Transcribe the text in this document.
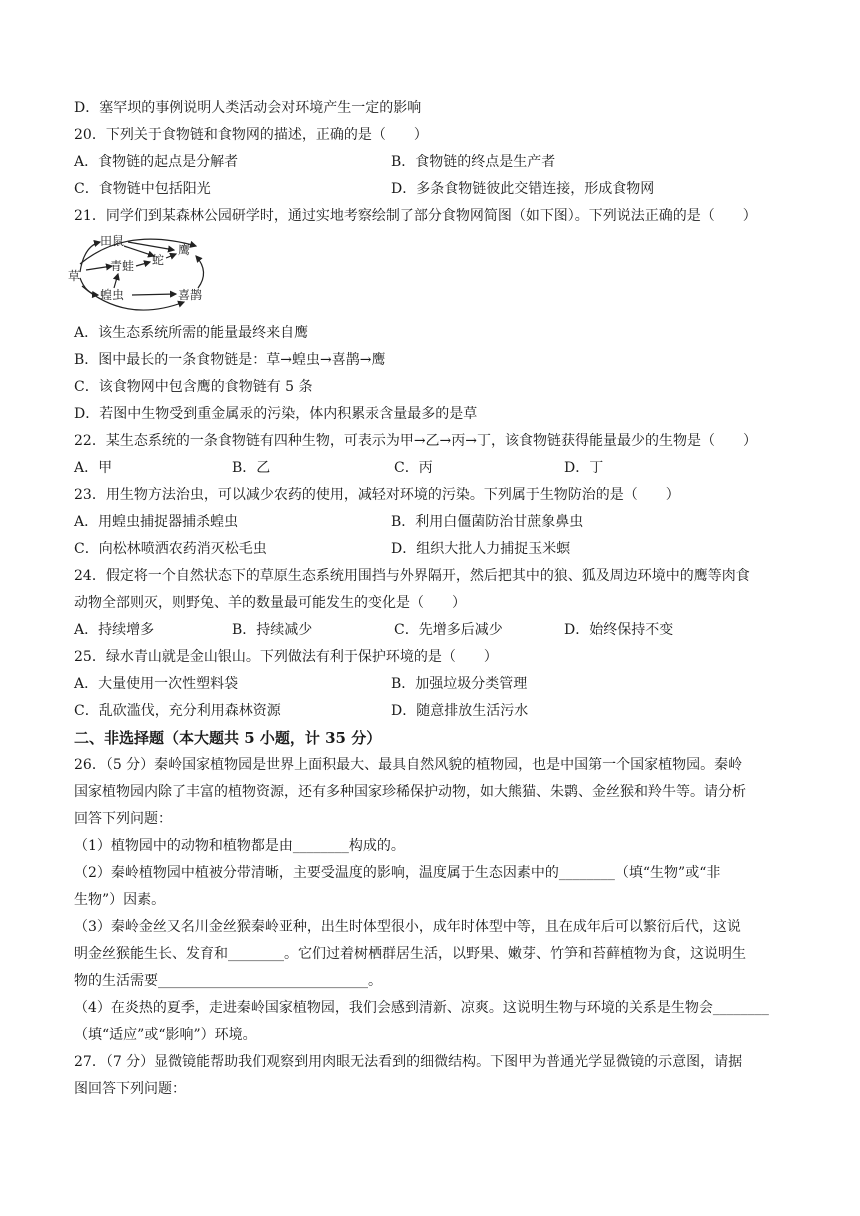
D．塞罕坝的事例说明人类活动会对环境产生一定的影响
20．下列关于食物链和食物网的描述，正确的是（　　）
A．食物链的起点是分解者	B．食物链的终点是生产者
C．食物链中包括阳光	D．多条食物链彼此交错连接，形成食物网
21．同学们到某森林公园研学时，通过实地考察绘制了部分食物网简图（如下图）。下列说法正确的是（　　）
草
田鼠
青蛙 蛇
鹰
蝗虫	喜鹊
A．该生态系统所需的能量最终来自鹰
B．图中最长的一条食物链是：草→蝗虫→喜鹊→鹰
C．该食物网中包含鹰的食物链有 5 条
D．若图中生物受到重金属汞的污染，体内积累汞含量最多的是草
22．某生态系统的一条食物链有四种生物，可表示为甲→乙→丙→丁，该食物链获得能量最少的生物是（　　）
A．甲	B．乙	C．丙	D．丁
23．用生物方法治虫，可以减少农药的使用，减轻对环境的污染。下列属于生物防治的是（　　）
A．用蝗虫捕捉器捕杀蝗虫	B．利用白僵菌防治甘蔗象鼻虫
C．向松林喷洒农药消灭松毛虫	D．组织大批人力捕捉玉米螟
24．假定将一个自然状态下的草原生态系统用围挡与外界隔开，然后把其中的狼、狐及周边环境中的鹰等肉食
动物全部则灭，则野兔、羊的数量最可能发生的变化是（　　）
A．持续增多	B．持续减少	C．先增多后减少	D．始终保持不变
25．绿水青山就是金山银山。下列做法有利于保护环境的是（　　）
A．大量使用一次性塑料袋	B．加强垃圾分类管理
C．乱砍滥伐，充分利用森林资源	D．随意排放生活污水
二、非选择题（本大题共 5 小题，计 35 分）
26．（5 分）秦岭国家植物园是世界上面积最大、最具自然风貌的植物园，也是中国第一个国家植物园。秦岭
国家植物园内除了丰富的植物资源，还有多种国家珍稀保护动物，如大熊猫、朱鹮、金丝猴和羚牛等。请分析
回答下列问题：
（1）植物园中的动物和植物都是由________构成的。
（2）秦岭植物园中植被分带清晰，主要受温度的影响，温度属于生态因素中的________（填“生物”或“非
生物”）因素。
（3）秦岭金丝又名川金丝猴秦岭亚种，出生时体型很小，成年时体型中等，且在成年后可以繁衍后代，这说
明金丝猴能生长、发育和________。它们过着树栖群居生活，以野果、嫩芽、竹笋和苔藓植物为食，这说明生
物的生活需要______________________________。
（4）在炎热的夏季，走进秦岭国家植物园，我们会感到清新、凉爽。这说明生物与环境的关系是生物会________
（填“适应”或“影响”）环境。
27．（7 分）显微镜能帮助我们观察到用肉眼无法看到的细微结构。下图甲为普通光学显微镜的示意图，请据
图回答下列问题：
